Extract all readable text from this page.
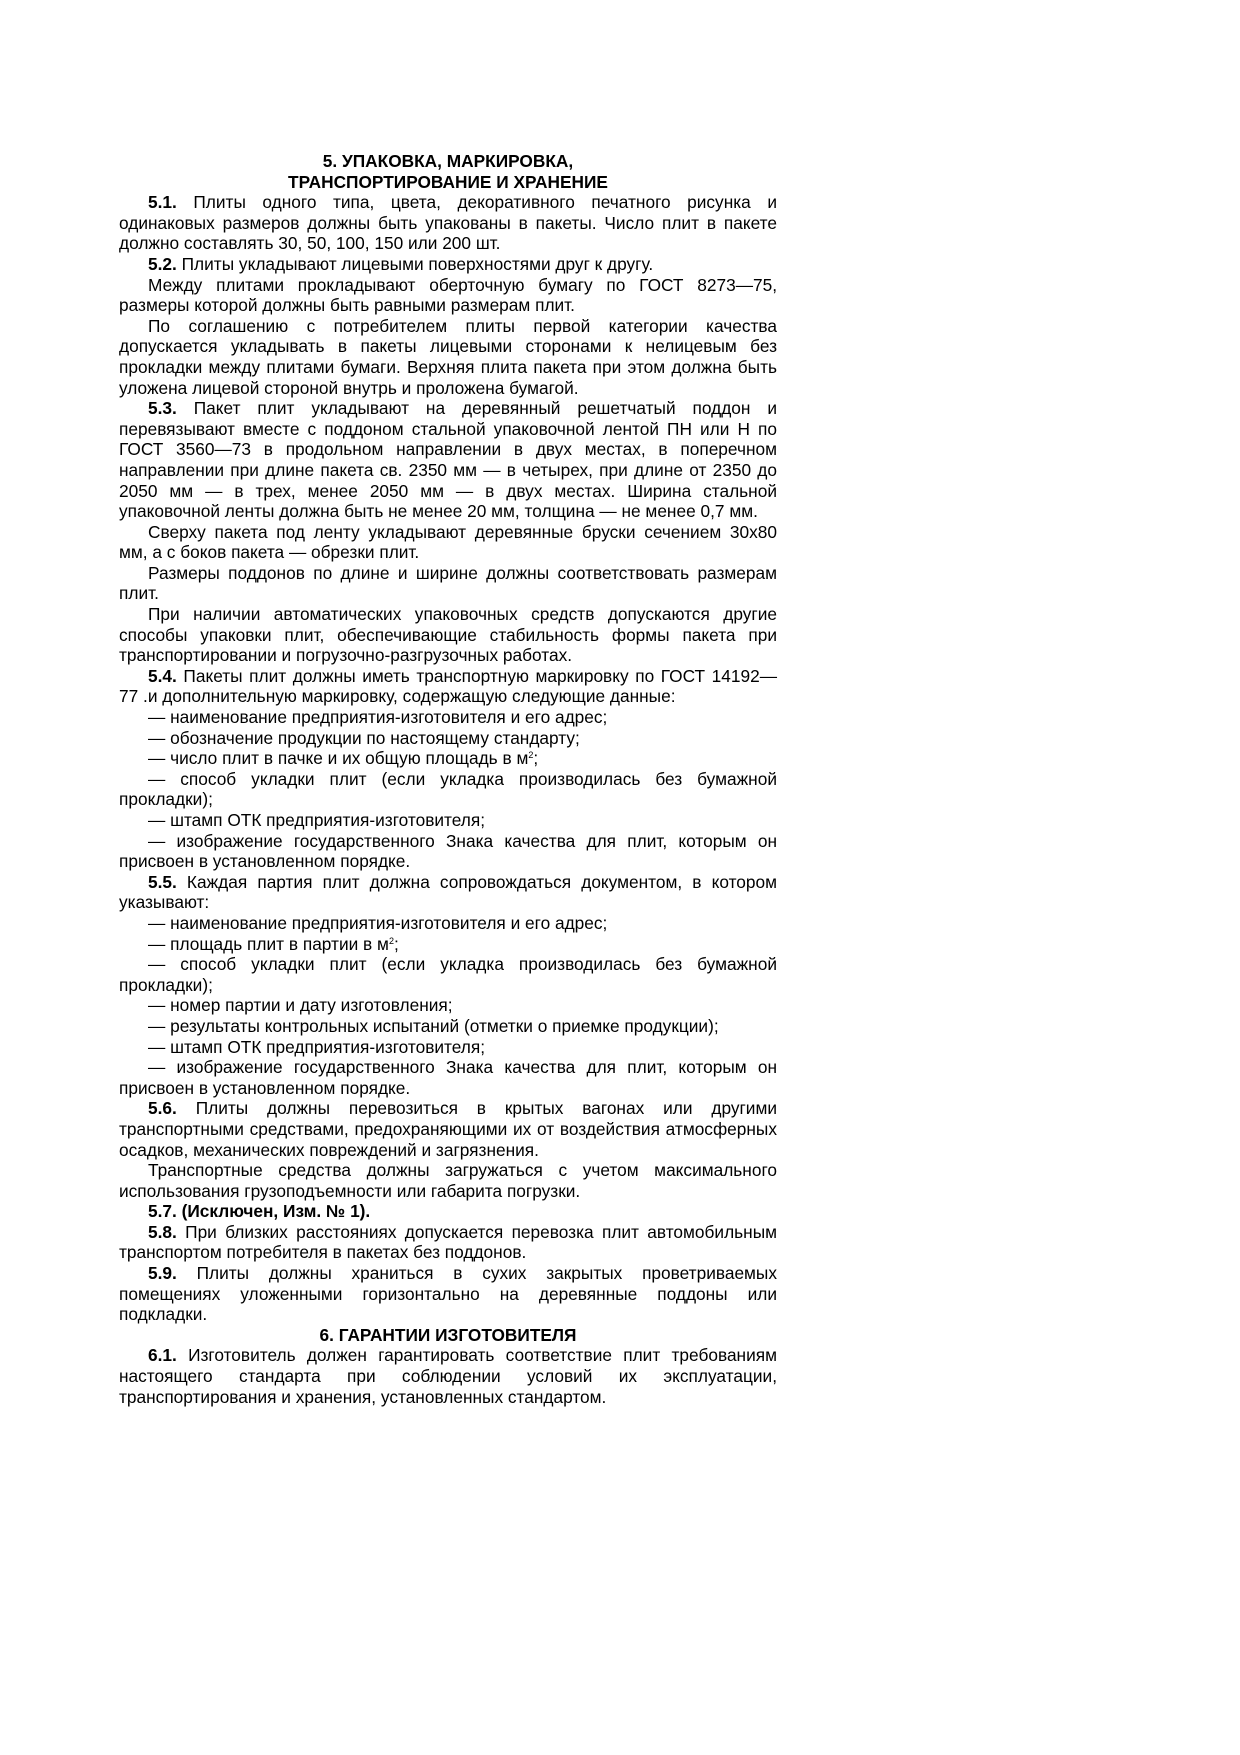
5. УПАКОВКА, МАРКИРОВКА,
ТРАНСПОРТИРОВАНИЕ И ХРАНЕНИЕ

5.1. Плиты одного типа, цвета, декоративного печатного рисунка и одинаковых размеров должны быть упакованы в пакеты. Число плит в пакете должно составлять 30, 50, 100, 150 или 200 шт.

5.2. Плиты укладывают лицевыми поверхностями друг к другу.

Между плитами прокладывают оберточную бумагу по ГОСТ 8273—75, размеры которой должны быть равными размерам плит.

По соглашению с потребителем плиты первой категории качества допускается укладывать в пакеты лицевыми сторонами к нелицевым без прокладки между плитами бумаги. Верхняя плита пакета при этом должна быть уложена лицевой стороной внутрь и проложена бумагой.

5.3. Пакет плит укладывают на деревянный решетчатый поддон и перевязывают вместе с поддоном стальной упаковочной лентой ПН или Н по ГОСТ 3560—73 в продольном направлении в двух местах, в поперечном направлении при длине пакета св. 2350 мм — в четырех, при длине от 2350 до 2050 мм — в трех, менее 2050 мм — в двух местах. Ширина стальной упаковочной ленты должна быть не менее 20 мм, толщина — не менее 0,7 мм.

Сверху пакета под ленту укладывают деревянные бруски сечением 30x80 мм, а с боков пакета — обрезки плит.

Размеры поддонов по длине и ширине должны соответствовать размерам плит.

При наличии автоматических упаковочных средств допускаются другие способы упаковки плит, обеспечивающие стабильность формы пакета при транспортировании и погрузочно-разгрузочных работах.

5.4. Пакеты плит должны иметь транспортную маркировку по ГОСТ 14192—77 .и дополнительную маркировку, содержащую следующие данные:

— наименование предприятия-изготовителя и его адрес;

— обозначение продукции по настоящему стандарту;

— число плит в пачке и их общую площадь в $м^2$;

— способ укладки плит (если укладка производилась без бумажной прокладки);

— штамп ОТК предприятия-изготовителя;

— изображение государственного Знака качества для плит, которым он присвоен в установленном порядке.

5.5. Каждая партия плит должна сопровождаться документом, в котором указывают:

— наименование предприятия-изготовителя и его адрес;

— площадь плит в партии в $м^2$;

— способ укладки плит (если укладка производилась без бумажной прокладки);

— номер партии и дату изготовления;

— результаты контрольных испытаний (отметки о приемке продукции);

— штамп ОТК предприятия-изготовителя;

— изображение государственного Знака качества для плит, которым он присвоен в установленном порядке.

5.6. Плиты должны перевозиться в крытых вагонах или другими транспортными средствами, предохраняющими их от воздействия атмосферных осадков, механических повреждений и загрязнения.

Транспортные средства должны загружаться с учетом максимального использования грузоподъемности или габарита погрузки.

5.7. (Исключен, Изм. № 1).

5.8. При близких расстояниях допускается перевозка плит автомобильным транспортом потребителя в пакетах без поддонов.

5.9. Плиты должны храниться в сухих закрытых проветриваемых помещениях уложенными горизонтально на деревянные поддоны или подкладки.

6. ГАРАНТИИ ИЗГОТОВИТЕЛЯ

6.1. Изготовитель должен гарантировать соответствие плит требованиям настоящего стандарта при соблюдении условий их эксплуатации, транспортирования и хранения, установленных стандартом.
